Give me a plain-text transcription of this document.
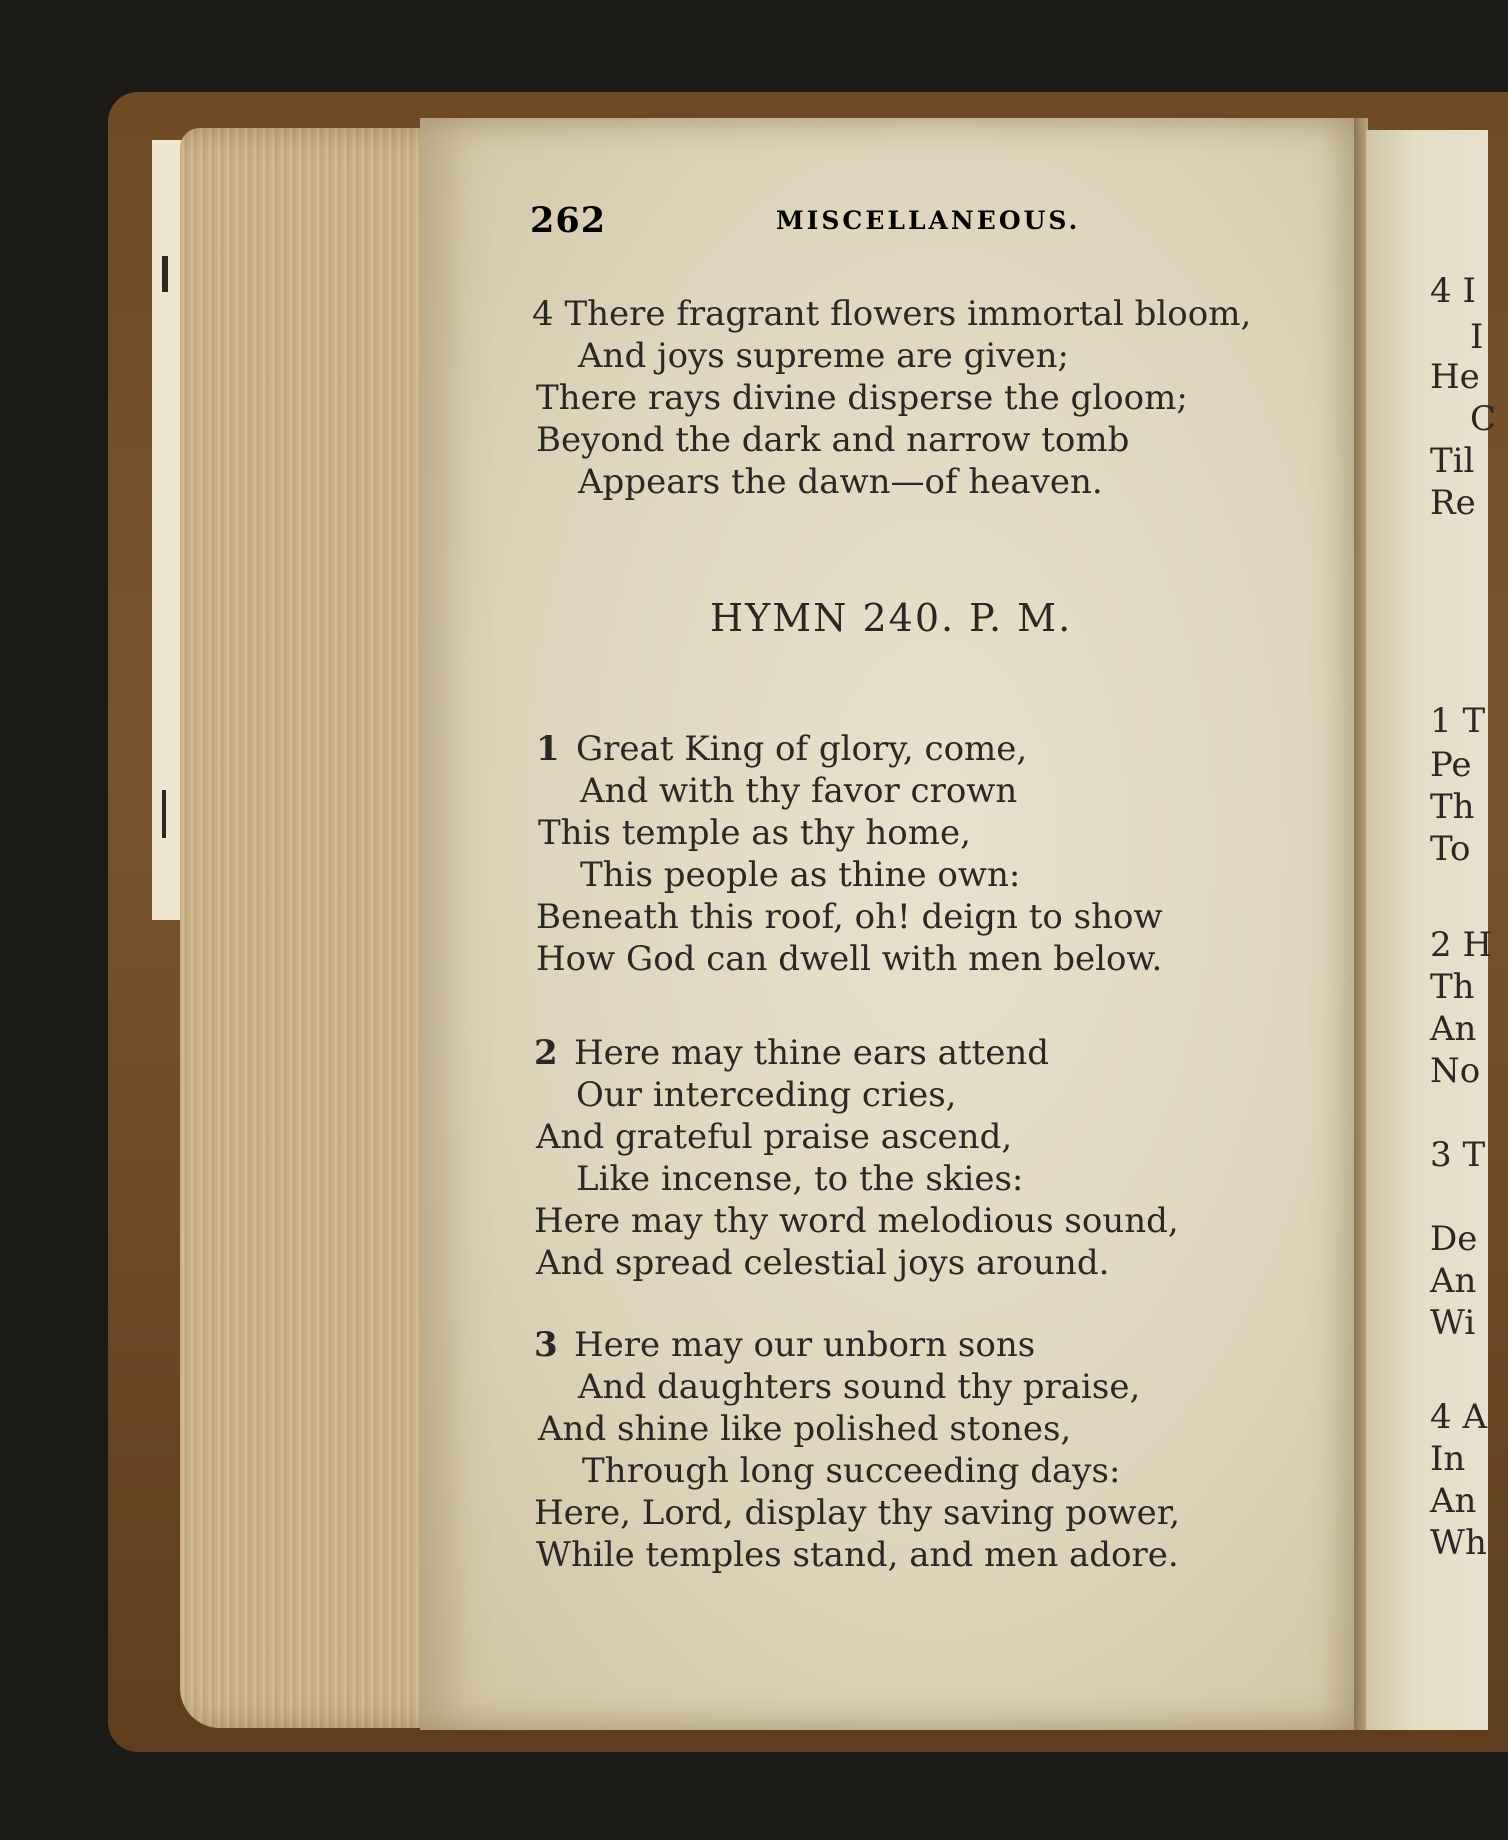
262	MISCELLANEOUS.
4 There fragrant flowers immortal bloom,
And joys supreme are given;
There rays divine disperse the gloom;
Beyond the dark and narrow tomb
Appears the dawn—of heaven.
HYMN 240. P. M.
1 Great King of glory, come,
And with thy favor crown
This temple as thy home,
This people as thine own:
Beneath this roof, oh! deign to show
How God can dwell with men below.
2 Here may thine ears attend
Our interceding cries,
And grateful praise ascend,
Like incense, to the skies:
Here may thy word melodious sound,
And spread celestial joys around.
3 Here may our unborn sons
And daughters sound thy praise,
And shine like polished stones,
Through long succeeding days:
Here, Lord, display thy saving power,
While temples stand, and men adore.
4 I
I
He
C
Til
Re
1 T
Pe
Th
To
2 H
Th
An
No
3 T
De
An
Wi
4 A
In
An
Wh
